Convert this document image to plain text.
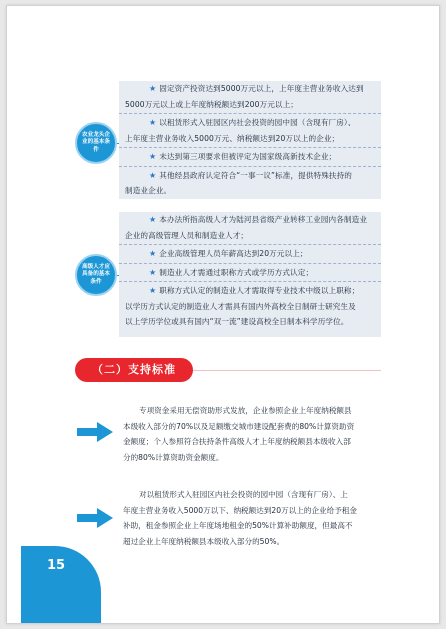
农业龙头企业的基本条件
★ 固定资产投资达到5000万元以上，上年度主营业务收入达到
5000万元以上或上年度纳税额达到200万元以上；
★ 以租赁形式入驻园区内社会投资的园中园（含现有厂房）、
上年度主营业务收入5000万元、纳税额达到20万以上的企业；
★ 未达到第三项要求但被评定为国家级高新技术企业；
★ 其他经县政府认定符合“一事一议”标准，提供特殊扶持的
制造业企业。
高级人才应具备的基本条件
★ 本办法所指高级人才为陆河县省级产业转移工业园内各制造业
企业的高级管理人员和制造业人才；
★ 企业高级管理人员年薪高达到20万元以上；
★ 制造业人才需通过职称方式或学历方式认定；
★ 职称方式认定的制造业人才需取得专业技术中级以上职称；
以学历方式认定的制造业人才需具有国内外高校全日制研士研究生及
以上学历学位或具有国内“双一流”建设高校全日制本科学历学位。
（二）支持标准
专项资金采用无偿资助形式发放，企业参照企业上年度纳税额县
本级收入部分的70%以及足额缴交城市建设配套费的80%计算资助资
金额度；个人参照符合扶持条件高级人才上年度纳税额县本级收入部
分的80%计算资助资金额度。
对以租赁形式入驻园区内社会投资的园中园（含现有厂房）、上
年度主营业务收入5000万以下、纳税额达到20万以上的企业给予租金
补助，租金参照企业上年度场地租金的50%计算补助额度，但最高不
超过企业上年度纳税额县本级收入部分的50%。
15
